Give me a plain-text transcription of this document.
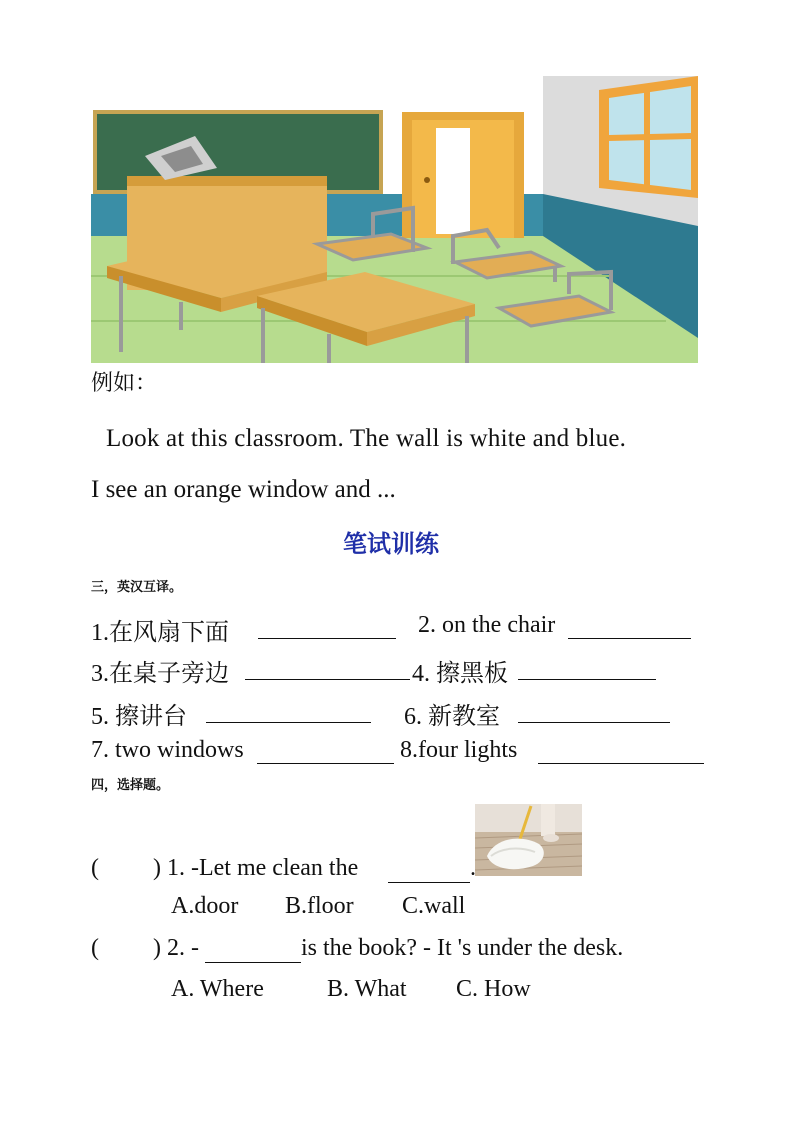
例如：
Look at this classroom. The wall is white and blue.
I see an orange window and ...
笔试训练
三，英汉互译。
1.在风扇下面	2. on the chair
3.在桌子旁边	4. 擦黑板
5. 擦讲台	6. 新教室
7. two windows	8.four lights
四，选择题。
( ) 1. -Let me clean the	.
A.door B.floor C.wall
( ) 2. -	is the book? - It 's under the desk.
A. Where	B. What C. How
